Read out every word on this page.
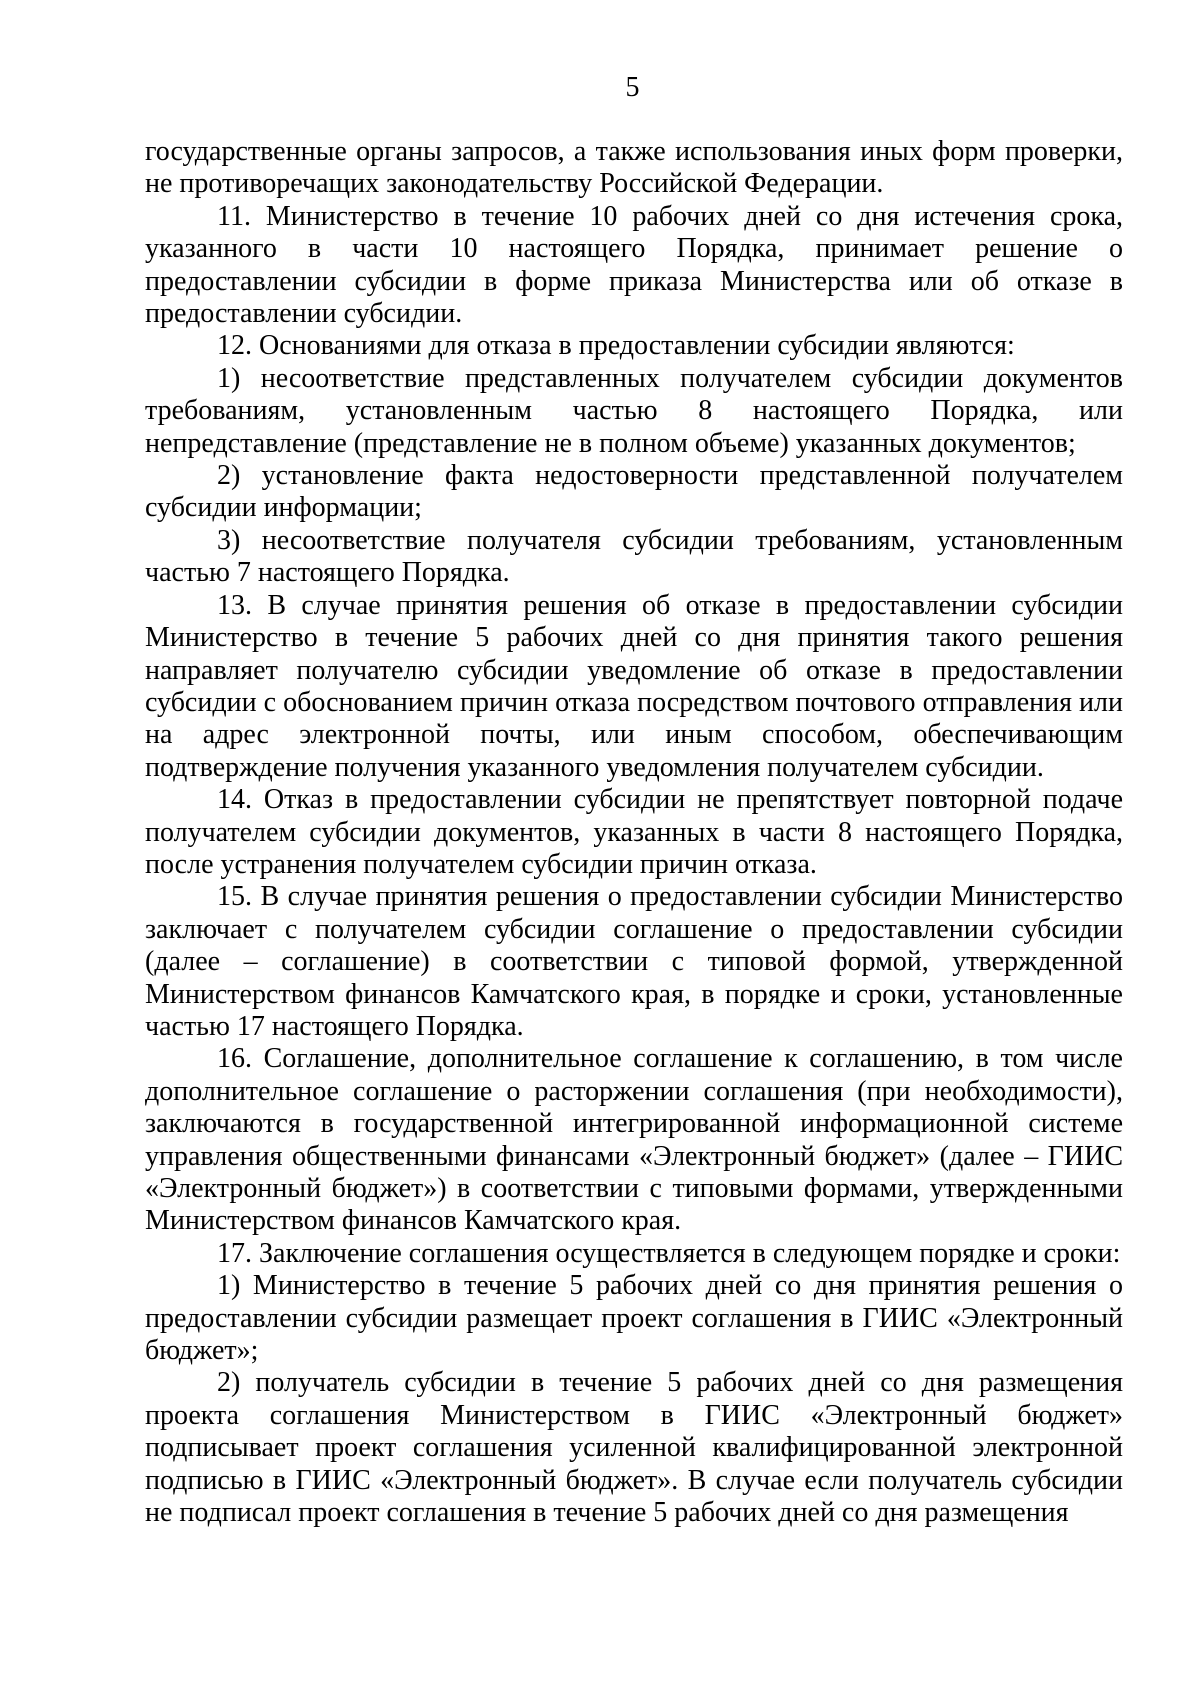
5

государственные органы запросов, а также использования иных форм проверки, не противоречащих законодательству Российской Федерации.

11. Министерство в течение 10 рабочих дней со дня истечения срока, указанного в части 10 настоящего Порядка, принимает решение о предоставлении субсидии в форме приказа Министерства или об отказе в предоставлении субсидии.

12. Основаниями для отказа в предоставлении субсидии являются:

1) несоответствие представленных получателем субсидии документов требованиям, установленным частью 8 настоящего Порядка, или непредставление (представление не в полном объеме) указанных документов;

2) установление факта недостоверности представленной получателем субсидии информации;

3) несоответствие получателя субсидии требованиям, установленным частью 7 настоящего Порядка.

13. В случае принятия решения об отказе в предоставлении субсидии Министерство в течение 5 рабочих дней со дня принятия такого решения направляет получателю субсидии уведомление об отказе в предоставлении субсидии с обоснованием причин отказа посредством почтового отправления или на адрес электронной почты, или иным способом, обеспечивающим подтверждение получения указанного уведомления получателем субсидии.

14. Отказ в предоставлении субсидии не препятствует повторной подаче получателем субсидии документов, указанных в части 8 настоящего Порядка, после устранения получателем субсидии причин отказа.

15. В случае принятия решения о предоставлении субсидии Министерство заключает с получателем субсидии соглашение о предоставлении субсидии (далее – соглашение) в соответствии с типовой формой, утвержденной Министерством финансов Камчатского края, в порядке и сроки, установленные частью 17 настоящего Порядка.

16. Соглашение, дополнительное соглашение к соглашению, в том числе дополнительное соглашение о расторжении соглашения (при необходимости), заключаются в государственной интегрированной информационной системе управления общественными финансами «Электронный бюджет» (далее – ГИИС «Электронный бюджет») в соответствии с типовыми формами, утвержденными Министерством финансов Камчатского края.

17. Заключение соглашения осуществляется в следующем порядке и сроки:

1) Министерство в течение 5 рабочих дней со дня принятия решения о предоставлении субсидии размещает проект соглашения в ГИИС «Электронный бюджет»;

2) получатель субсидии в течение 5 рабочих дней со дня размещения проекта соглашения Министерством в ГИИС «Электронный бюджет» подписывает проект соглашения усиленной квалифицированной электронной подписью в ГИИС «Электронный бюджет». В случае если получатель субсидии не подписал проект соглашения в течение 5 рабочих дней со дня размещения
